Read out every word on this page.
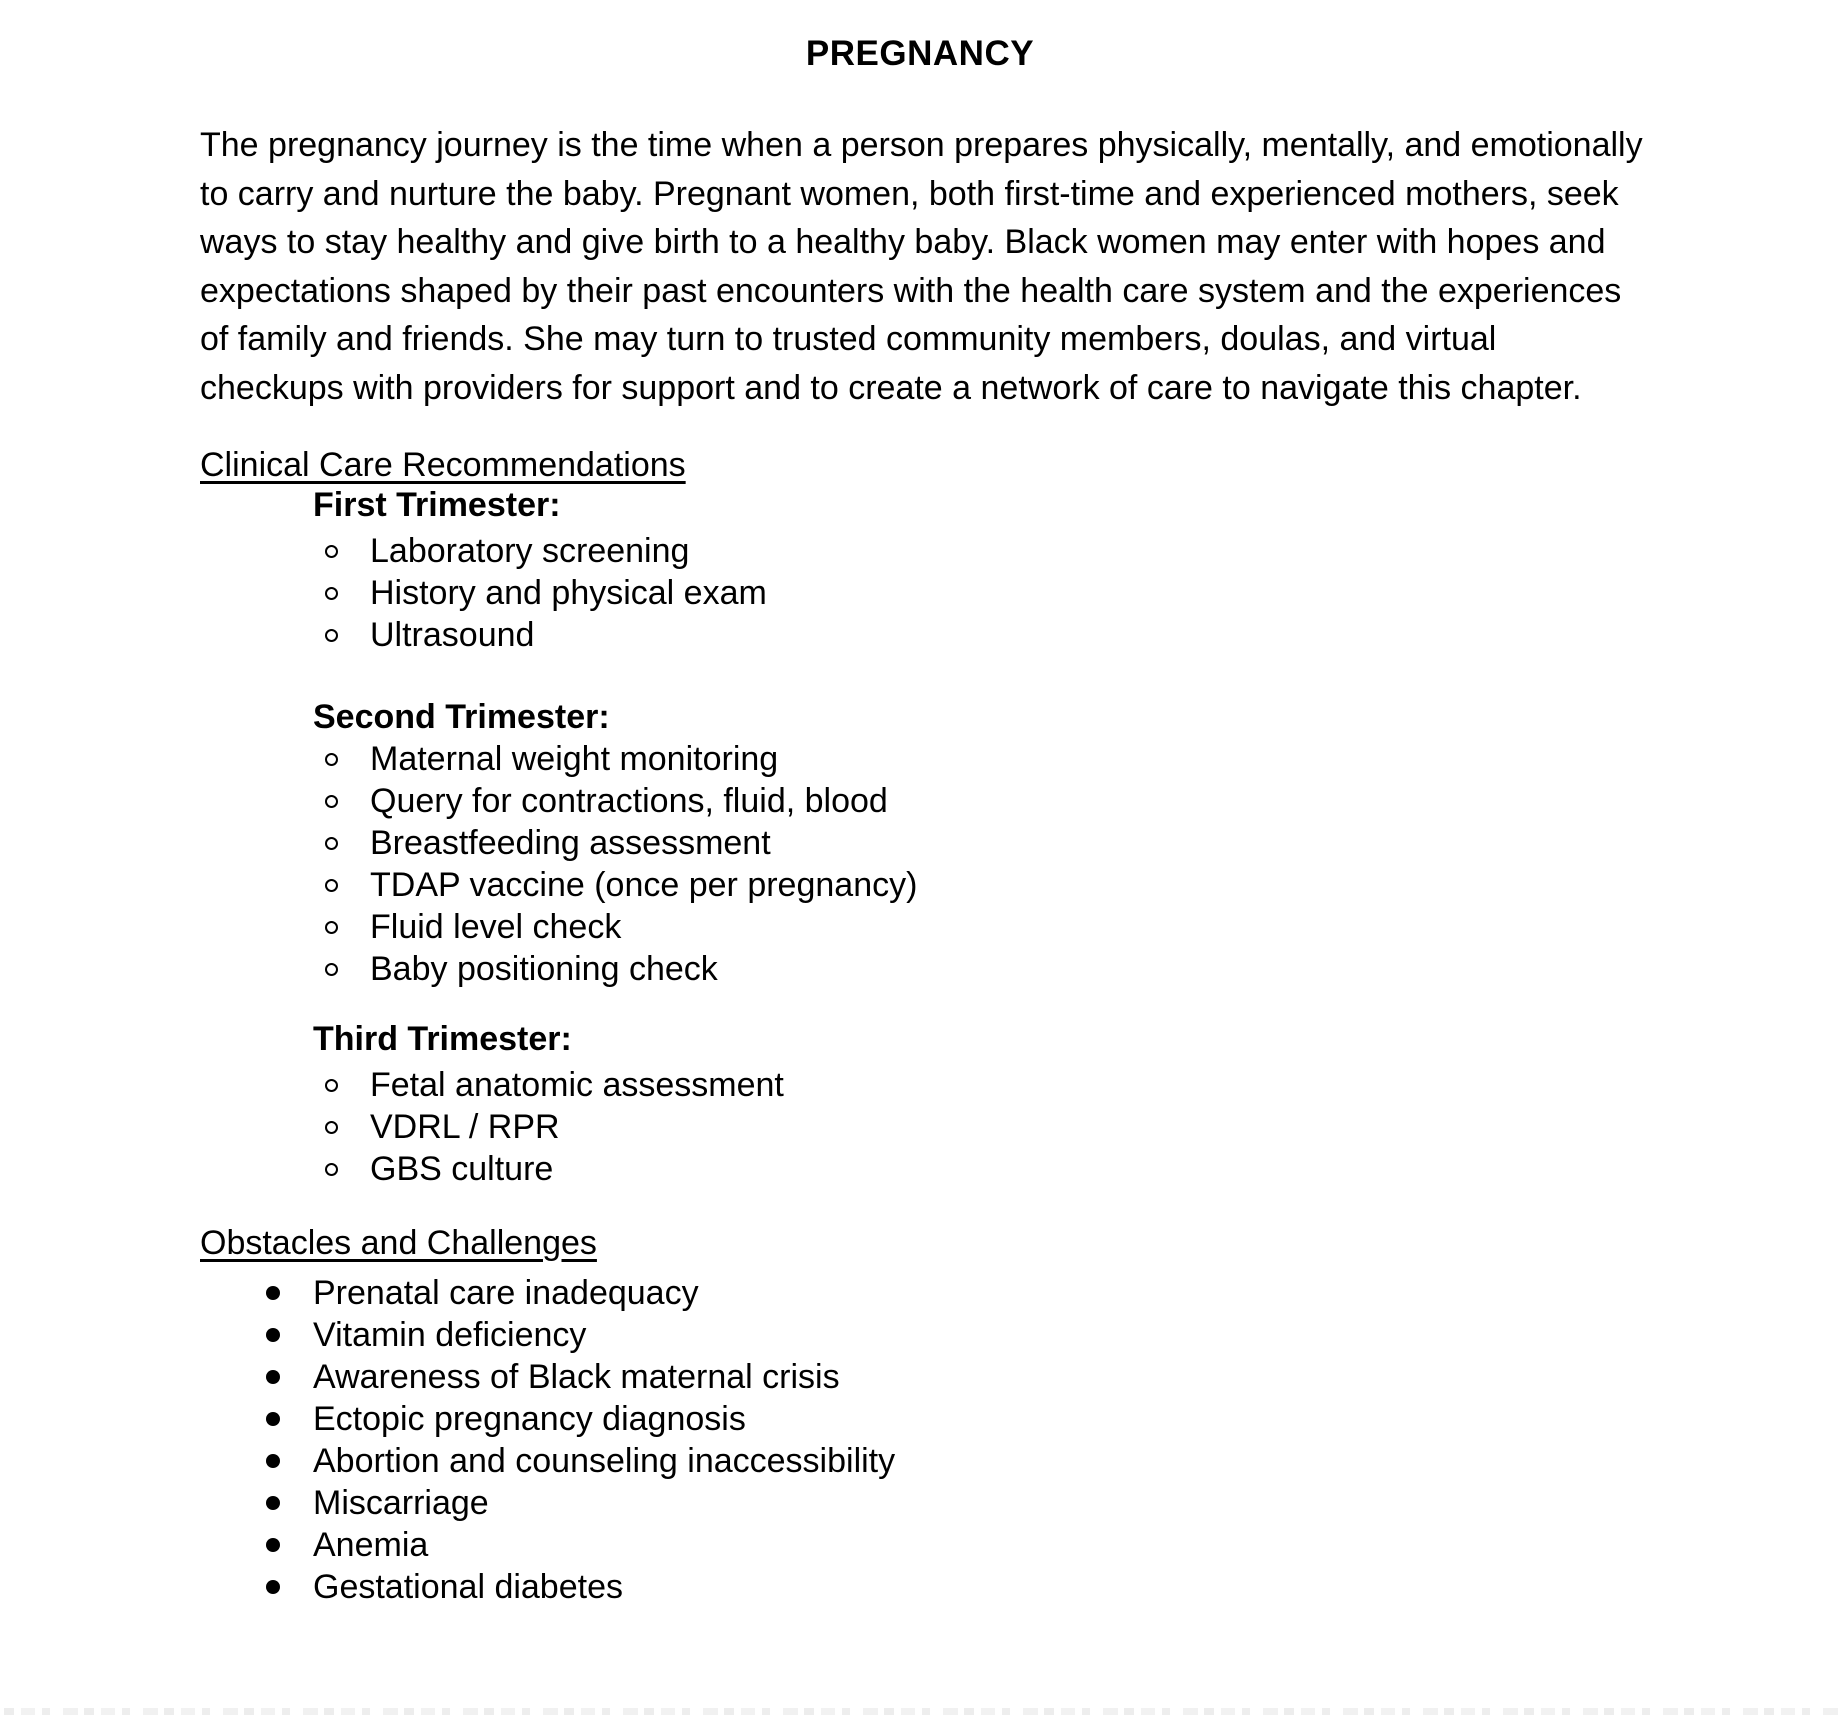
PREGNANCY
The pregnancy journey is the time when a person prepares physically, mentally, and emotionally
to carry and nurture the baby. Pregnant women, both first-time and experienced mothers, seek
ways to stay healthy and give birth to a healthy baby. Black women may enter with hopes and
expectations shaped by their past encounters with the health care system and the experiences
of family and friends. She may turn to trusted community members, doulas, and virtual
checkups with providers for support and to create a network of care to navigate this chapter.
Clinical Care Recommendations
First Trimester:
Laboratory screening
History and physical exam
Ultrasound
Second Trimester:
Maternal weight monitoring
Query for contractions, fluid, blood
Breastfeeding assessment
TDAP vaccine (once per pregnancy)
Fluid level check
Baby positioning check
Third Trimester:
Fetal anatomic assessment
VDRL / RPR
GBS culture
Obstacles and Challenges
Prenatal care inadequacy
Vitamin deficiency
Awareness of Black maternal crisis
Ectopic pregnancy diagnosis
Abortion and counseling inaccessibility
Miscarriage
Anemia
Gestational diabetes
